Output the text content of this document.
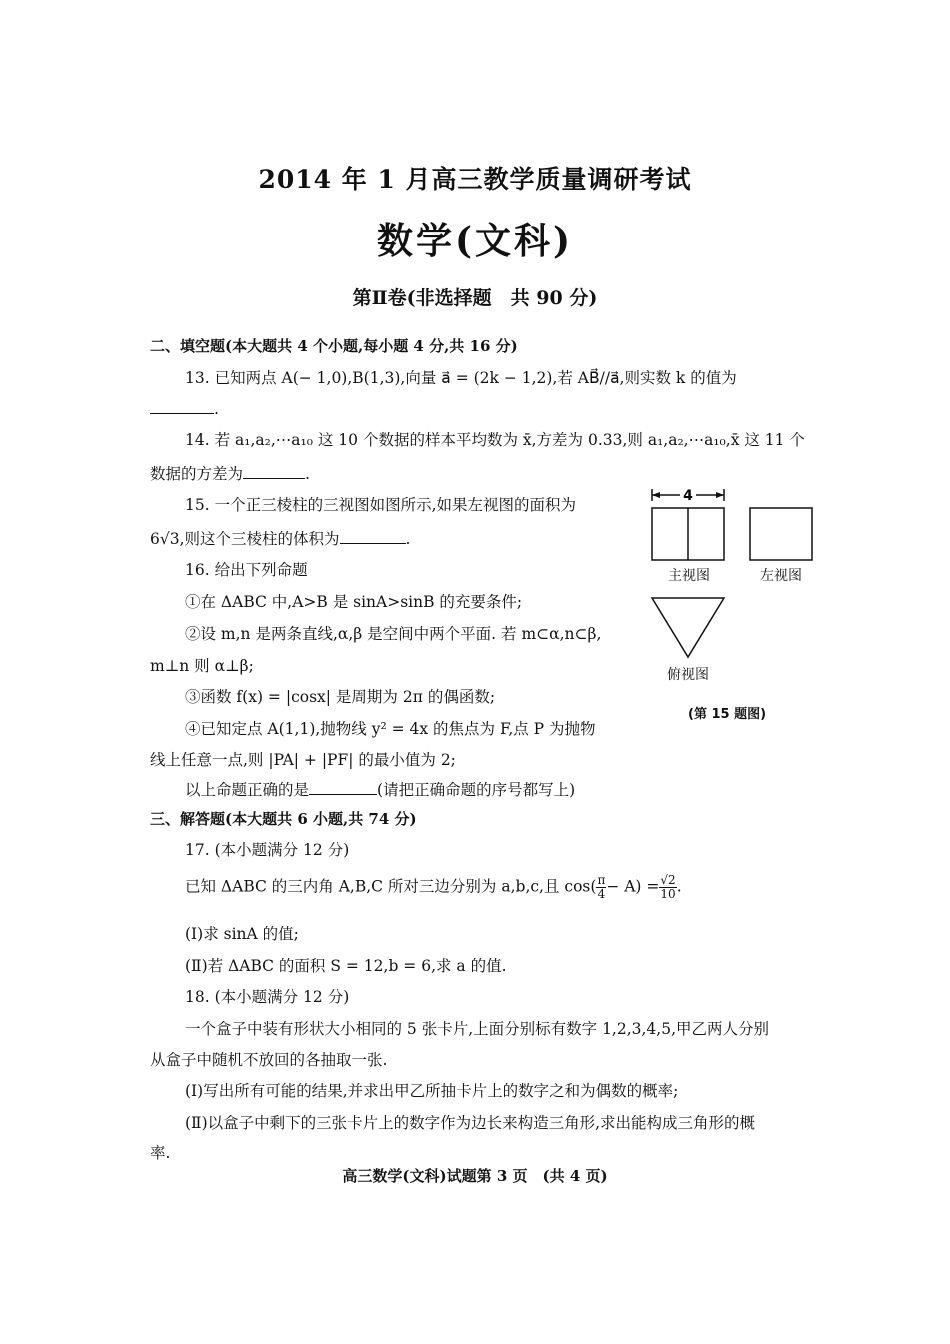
2014 年 1 月高三教学质量调研考试
数学(文科)
第Ⅱ卷(非选择题　共 90 分)
二、填空题(本大题共 4 个小题,每小题 4 分,共 16 分)
13. 已知两点 A(− 1,0),B(1,3),向量 a⃗ = (2k − 1,2),若 AB⃗//a⃗,则实数 k 的值为
.
14. 若 a₁,a₂,⋯a₁₀ 这 10 个数据的样本平均数为 x̄,方差为 0.33,则 a₁,a₂,⋯a₁₀,x̄ 这 11 个
数据的方差为	.
15. 一个正三棱柱的三视图如图所示,如果左视图的面积为
6√3,则这个三棱柱的体积为	.
16. 给出下列命题
①在 ΔABC 中,A>B 是 sinA>sinB 的充要条件;
②设 m,n 是两条直线,α,β 是空间中两个平面. 若 m⊂α,n⊂β,
m⊥n 则 α⊥β;
③函数 f(x) = |cosx| 是周期为 2π 的偶函数;
④已知定点 A(1,1),抛物线 y² = 4x 的焦点为 F,点 P 为抛物
线上任意一点,则 |PA| + |PF| 的最小值为 2;
以上命题正确的是	(请把正确命题的序号都写上)
4
主视图	左视图
俯视图
(第 15 题图)
三、解答题(本大题共 6 小题,共 74 分)
17. (本小题满分 12 分)
已知 ΔABC 的三内角 A,B,C 所对三边分别为 a,b,c,且 $\cos( \frac{\pi}{4} - A) = \frac{√2}{10}$ .
(Ⅰ)求 sinA 的值;
(Ⅱ)若 ΔABC 的面积 S = 12,b = 6,求 a 的值.
18. (本小题满分 12 分)
一个盒子中装有形状大小相同的 5 张卡片,上面分别标有数字 1,2,3,4,5,甲乙两人分别
从盒子中随机不放回的各抽取一张.
(Ⅰ)写出所有可能的结果,并求出甲乙所抽卡片上的数字之和为偶数的概率;
(Ⅱ)以盒子中剩下的三张卡片上的数字作为边长来构造三角形,求出能构成三角形的概
率.
高三数学(文科)试题第 3 页　(共 4 页)
